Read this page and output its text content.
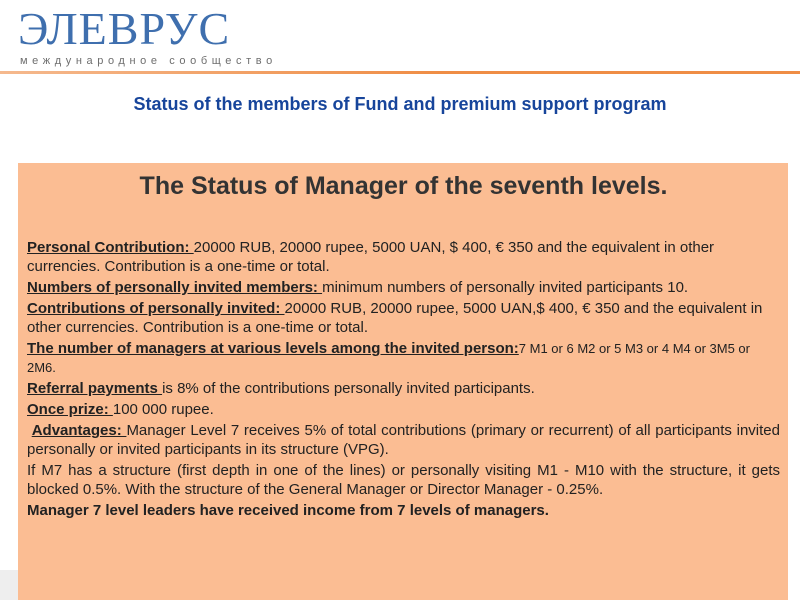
ЭЛЕВРУС
международное сообщество
Status of the members of Fund and premium support program
The Status of Manager of the seventh levels.

Personal Contribution: 20000 RUB, 20000 rupee, 5000 UAN, $ 400, € 350 and the equivalent in other currencies. Contribution is a one-time or total.

Numbers of personally invited members: minimum numbers of personally invited participants 10.

Contributions of personally invited: 20000 RUB, 20000 rupee, 5000 UAN,$ 400, € 350 and the equivalent in other currencies. Contribution is a one-time or total.

The number of managers at various levels among the invited person:7 M1 or 6 M2 or 5 M3 or 4 M4 or 3M5 or 2M6.

Referral payments is 8% of the contributions personally invited participants.

Once prize: 100 000 rupee.

Advantages: Manager Level 7 receives 5% of total contributions (primary or recurrent) of all participants invited personally or invited participants in its structure (VPG).

If M7 has a structure (first depth in one of the lines) or personally visiting M1 - M10 with the structure, it gets blocked 0.5%. With the structure of the General Manager or Director Manager - 0.25%.

Manager 7 level leaders have received income from 7 levels of managers.
